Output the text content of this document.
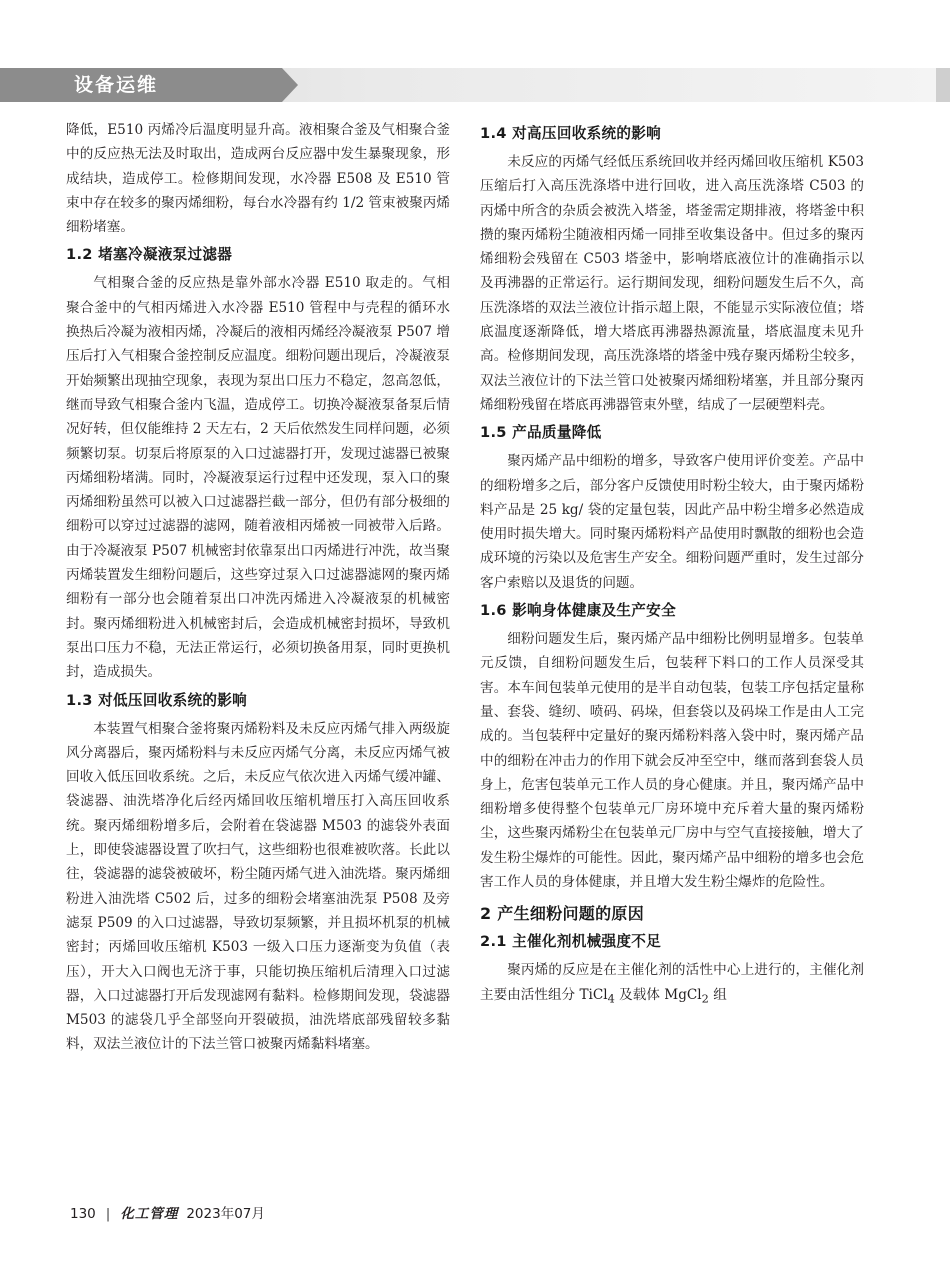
设备运维

降低，E510 丙烯冷后温度明显升高。液相聚合釜及气相聚合釜中的反应热无法及时取出，造成两台反应器中发生暴聚现象，形成结块，造成停工。检修期间发现，水冷器 E508 及 E510 管束中存在较多的聚丙烯细粉，每台水冷器有约 1/2 管束被聚丙烯细粉堵塞。

1.2 堵塞冷凝液泵过滤器

气相聚合釜的反应热是靠外部水冷器 E510 取走的。气相聚合釜中的气相丙烯进入水冷器 E510 管程中与壳程的循环水换热后冷凝为液相丙烯，冷凝后的液相丙烯经冷凝液泵 P507 增压后打入气相聚合釜控制反应温度。细粉问题出现后，冷凝液泵开始频繁出现抽空现象，表现为泵出口压力不稳定，忽高忽低，继而导致气相聚合釜内飞温，造成停工。切换冷凝液泵备泵后情况好转，但仅能维持 2 天左右，2 天后依然发生同样问题，必须频繁切泵。切泵后将原泵的入口过滤器打开，发现过滤器已被聚丙烯细粉堵满。同时，冷凝液泵运行过程中还发现，泵入口的聚丙烯细粉虽然可以被入口过滤器拦截一部分，但仍有部分极细的细粉可以穿过过滤器的滤网，随着液相丙烯被一同被带入后路。由于冷凝液泵 P507 机械密封依靠泵出口丙烯进行冲洗，故当聚丙烯装置发生细粉问题后，这些穿过泵入口过滤器滤网的聚丙烯细粉有一部分也会随着泵出口冲洗丙烯进入冷凝液泵的机械密封。聚丙烯细粉进入机械密封后，会造成机械密封损坏，导致机泵出口压力不稳，无法正常运行，必须切换备用泵，同时更换机封，造成损失。

1.3 对低压回收系统的影响

本装置气相聚合釜将聚丙烯粉料及未反应丙烯气排入两级旋风分离器后，聚丙烯粉料与未反应丙烯气分离，未反应丙烯气被回收入低压回收系统。之后，未反应气依次进入丙烯气缓冲罐、袋滤器、油洗塔净化后经丙烯回收压缩机增压打入高压回收系统。聚丙烯细粉增多后，会附着在袋滤器 M503 的滤袋外表面上，即使袋滤器设置了吹扫气，这些细粉也很难被吹落。长此以往，袋滤器的滤袋被破坏，粉尘随丙烯气进入油洗塔。聚丙烯细粉进入油洗塔 C502 后，过多的细粉会堵塞油洗泵 P508 及旁滤泵 P509 的入口过滤器，导致切泵频繁，并且损坏机泵的机械密封；丙烯回收压缩机 K503 一级入口压力逐渐变为负值（表压），开大入口阀也无济于事，只能切换压缩机后清理入口过滤器，入口过滤器打开后发现滤网有黏料。检修期间发现，袋滤器 M503 的滤袋几乎全部竖向开裂破损，油洗塔底部残留较多黏料，双法兰液位计的下法兰管口被聚丙烯黏料堵塞。

1.4 对高压回收系统的影响

未反应的丙烯气经低压系统回收并经丙烯回收压缩机 K503 压缩后打入高压洗涤塔中进行回收，进入高压洗涤塔 C503 的丙烯中所含的杂质会被洗入塔釜，塔釜需定期排液，将塔釜中积攒的聚丙烯粉尘随液相丙烯一同排至收集设备中。但过多的聚丙烯细粉会残留在 C503 塔釜中，影响塔底液位计的准确指示以及再沸器的正常运行。运行期间发现，细粉问题发生后不久，高压洗涤塔的双法兰液位计指示超上限，不能显示实际液位值；塔底温度逐渐降低，增大塔底再沸器热源流量，塔底温度未见升高。检修期间发现，高压洗涤塔的塔釜中残存聚丙烯粉尘较多，双法兰液位计的下法兰管口处被聚丙烯细粉堵塞，并且部分聚丙烯细粉残留在塔底再沸器管束外壁，结成了一层硬塑料壳。

1.5 产品质量降低

聚丙烯产品中细粉的增多，导致客户使用评价变差。产品中的细粉增多之后，部分客户反馈使用时粉尘较大，由于聚丙烯粉料产品是 25 kg/ 袋的定量包装，因此产品中粉尘增多必然造成使用时损失增大。同时聚丙烯粉料产品使用时飘散的细粉也会造成环境的污染以及危害生产安全。细粉问题严重时，发生过部分客户索赔以及退货的问题。

1.6 影响身体健康及生产安全

细粉问题发生后，聚丙烯产品中细粉比例明显增多。包装单元反馈，自细粉问题发生后，包装秤下料口的工作人员深受其害。本车间包装单元使用的是半自动包装，包装工序包括定量称量、套袋、缝纫、喷码、码垛，但套袋以及码垛工作是由人工完成的。当包装秤中定量好的聚丙烯粉料落入袋中时，聚丙烯产品中的细粉在冲击力的作用下就会反冲至空中，继而落到套袋人员身上，危害包装单元工作人员的身心健康。并且，聚丙烯产品中细粉增多使得整个包装单元厂房环境中充斥着大量的聚丙烯粉尘，这些聚丙烯粉尘在包装单元厂房中与空气直接接触，增大了发生粉尘爆炸的可能性。因此，聚丙烯产品中细粉的增多也会危害工作人员的身体健康，并且增大发生粉尘爆炸的危险性。

2 产生细粉问题的原因
2.1 主催化剂机械强度不足

聚丙烯的反应是在主催化剂的活性中心上进行的，主催化剂主要由活性组分 TiCl$_4$ 及载体 MgCl$_2$ 组

130 | 化工管理 2023年07月
